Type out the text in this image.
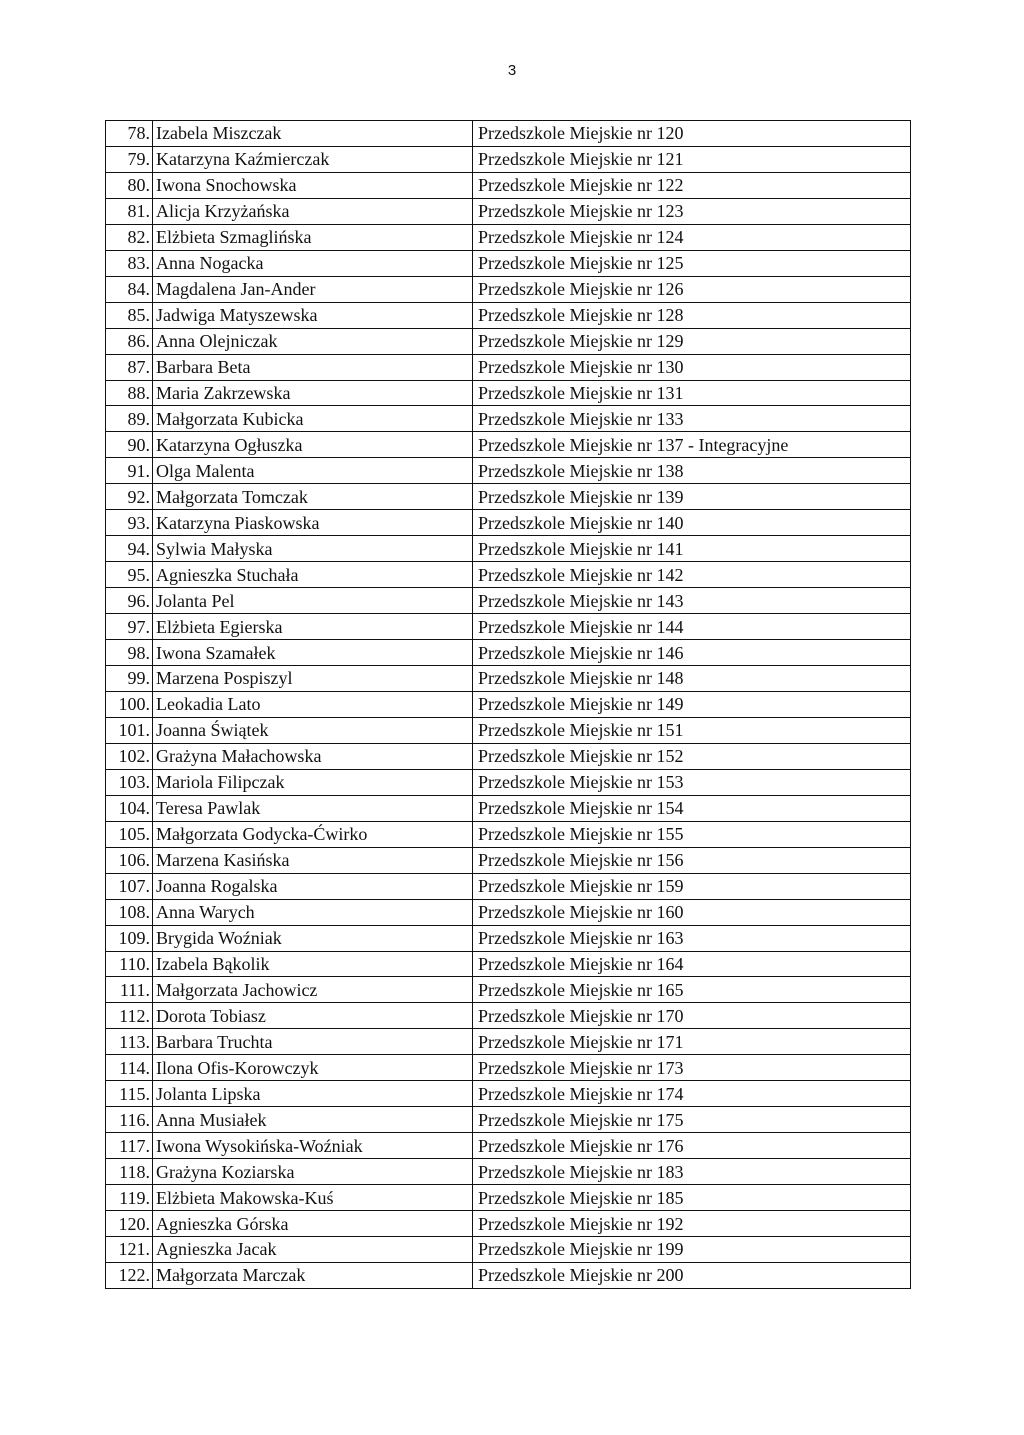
3
78.	Izabela Miszczak	Przedszkole Miejskie nr 120
79.	Katarzyna Kaźmierczak	Przedszkole Miejskie nr 121
80.	Iwona Snochowska	Przedszkole Miejskie nr 122
81.	Alicja Krzyżańska	Przedszkole Miejskie nr 123
82.	Elżbieta Szmaglińska	Przedszkole Miejskie nr 124
83.	Anna Nogacka	Przedszkole Miejskie nr 125
84.	Magdalena Jan-Ander	Przedszkole Miejskie nr 126
85.	Jadwiga Matyszewska	Przedszkole Miejskie nr 128
86.	Anna Olejniczak	Przedszkole Miejskie nr 129
87.	Barbara Beta	Przedszkole Miejskie nr 130
88.	Maria Zakrzewska	Przedszkole Miejskie nr 131
89.	Małgorzata Kubicka	Przedszkole Miejskie nr 133
90.	Katarzyna Ogłuszka	Przedszkole Miejskie nr 137 - Integracyjne
91.	Olga Malenta	Przedszkole Miejskie nr 138
92.	Małgorzata Tomczak	Przedszkole Miejskie nr 139
93.	Katarzyna Piaskowska	Przedszkole Miejskie nr 140
94.	Sylwia Małyska	Przedszkole Miejskie nr 141
95.	Agnieszka Stuchała	Przedszkole Miejskie nr 142
96.	Jolanta Pel	Przedszkole Miejskie nr 143
97.	Elżbieta Egierska	Przedszkole Miejskie nr 144
98.	Iwona Szamałek	Przedszkole Miejskie nr 146
99.	Marzena Pospiszyl	Przedszkole Miejskie nr 148
100.	Leokadia Lato	Przedszkole Miejskie nr 149
101.	Joanna Świątek	Przedszkole Miejskie nr 151
102.	Grażyna Małachowska	Przedszkole Miejskie nr 152
103.	Mariola Filipczak	Przedszkole Miejskie nr 153
104.	Teresa Pawlak	Przedszkole Miejskie nr 154
105.	Małgorzata Godycka-Ćwirko	Przedszkole Miejskie nr 155
106.	Marzena Kasińska	Przedszkole Miejskie nr 156
107.	Joanna Rogalska	Przedszkole Miejskie nr 159
108.	Anna Warych	Przedszkole Miejskie nr 160
109.	Brygida Woźniak	Przedszkole Miejskie nr 163
110.	Izabela Bąkolik	Przedszkole Miejskie nr 164
111.	Małgorzata Jachowicz	Przedszkole Miejskie nr 165
112.	Dorota Tobiasz	Przedszkole Miejskie nr 170
113.	Barbara Truchta	Przedszkole Miejskie nr 171
114.	Ilona Ofis-Korowczyk	Przedszkole Miejskie nr 173
115.	Jolanta Lipska	Przedszkole Miejskie nr 174
116.	Anna Musiałek	Przedszkole Miejskie nr 175
117.	Iwona Wysokińska-Woźniak	Przedszkole Miejskie nr 176
118.	Grażyna Koziarska	Przedszkole Miejskie nr 183
119.	Elżbieta Makowska-Kuś	Przedszkole Miejskie nr 185
120.	Agnieszka Górska	Przedszkole Miejskie nr 192
121.	Agnieszka Jacak	Przedszkole Miejskie nr 199
122.	Małgorzata Marczak	Przedszkole Miejskie nr 200
